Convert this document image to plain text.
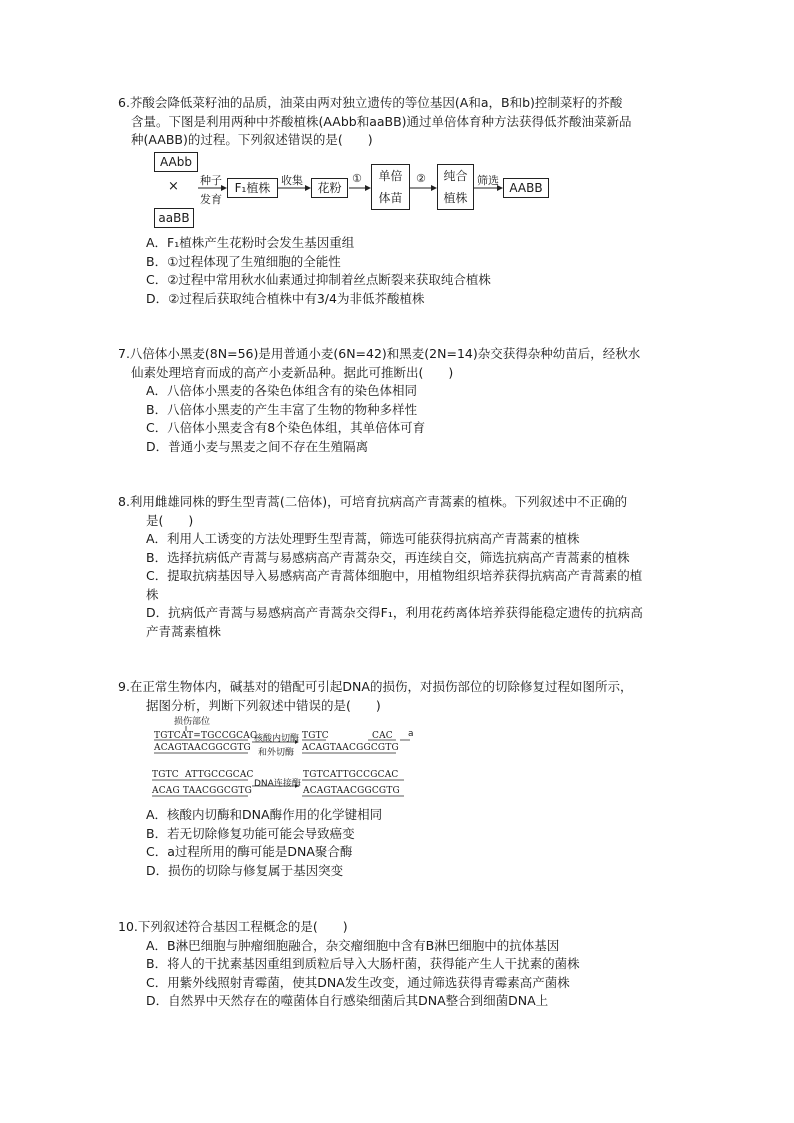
6.芥酸会降低菜籽油的品质，油菜由两对独立遗传的等位基因(A和a，B和b)控制菜籽的芥酸
含量。下图是利用两种中芥酸植株(AAbb和aaBB)通过单倍体育种方法获得低芥酸油菜新品
种(AABB)的过程。下列叙述错误的是(　　)
AAbb
×
aaBB
种子
发育
F₁植株
收集
花粉
① 单倍
体苗
② 纯合
植株
筛选
AABB
A．F₁植株产生花粉时会发生基因重组
B．①过程体现了生殖细胞的全能性
C．②过程中常用秋水仙素通过抑制着丝点断裂来获取纯合植株
D．②过程后获取纯合植株中有3/4为非低芥酸植株
7.八倍体小黑麦(8N=56)是用普通小麦(6N=42)和黑麦(2N=14)杂交获得杂种幼苗后，经秋水
仙素处理培育而成的高产小麦新品种。据此可推断出(　　)
A．八倍体小黑麦的各染色体组含有的染色体相同
B．八倍体小黑麦的产生丰富了生物的物种多样性
C．八倍体小黑麦含有8个染色体组，其单倍体可育
D．普通小麦与黑麦之间不存在生殖隔离
8.利用雌雄同株的野生型青蒿(二倍体)，可培育抗病高产青蒿素的植株。下列叙述中不正确的
是(　　)
A．利用人工诱变的方法处理野生型青蒿，筛选可能获得抗病高产青蒿素的植株
B．选择抗病低产青蒿与易感病高产青蒿杂交，再连续自交，筛选抗病高产青蒿素的植株
C．提取抗病基因导入易感病高产青蒿体细胞中，用植物组织培养获得抗病高产青蒿素的植
株
D．抗病低产青蒿与易感病高产青蒿杂交得F₁，利用花药离体培养获得能稳定遗传的抗病高
产青蒿素植株
9.在正常生物体内，碱基对的错配可引起DNA的损伤，对损伤部位的切除修复过程如图所示，
据图分析，判断下列叙述中错误的是(　　)
损伤部位
TGTCAT=TGCCGCAC
ACAGTAACGGCGTG
核酸内切酶
和外切酶
TGTC	CAC
ACAGTAACGGCGTG
a
TGTC  ATTGCCGCAC
ACAG TAACGGCGTG
DNA连接酶
TGTCATTGCCGCAC
ACAGTAACGGCGTG
A．核酸内切酶和DNA酶作用的化学键相同
B．若无切除修复功能可能会导致癌变
C．a过程所用的酶可能是DNA聚合酶
D．损伤的切除与修复属于基因突变
10.下列叙述符合基因工程概念的是(　　)
A．B淋巴细胞与肿瘤细胞融合，杂交瘤细胞中含有B淋巴细胞中的抗体基因
B．将人的干扰素基因重组到质粒后导入大肠杆菌，获得能产生人干扰素的菌株
C．用紫外线照射青霉菌，使其DNA发生改变，通过筛选获得青霉素高产菌株
D．自然界中天然存在的噬菌体自行感染细菌后其DNA整合到细菌DNA上
